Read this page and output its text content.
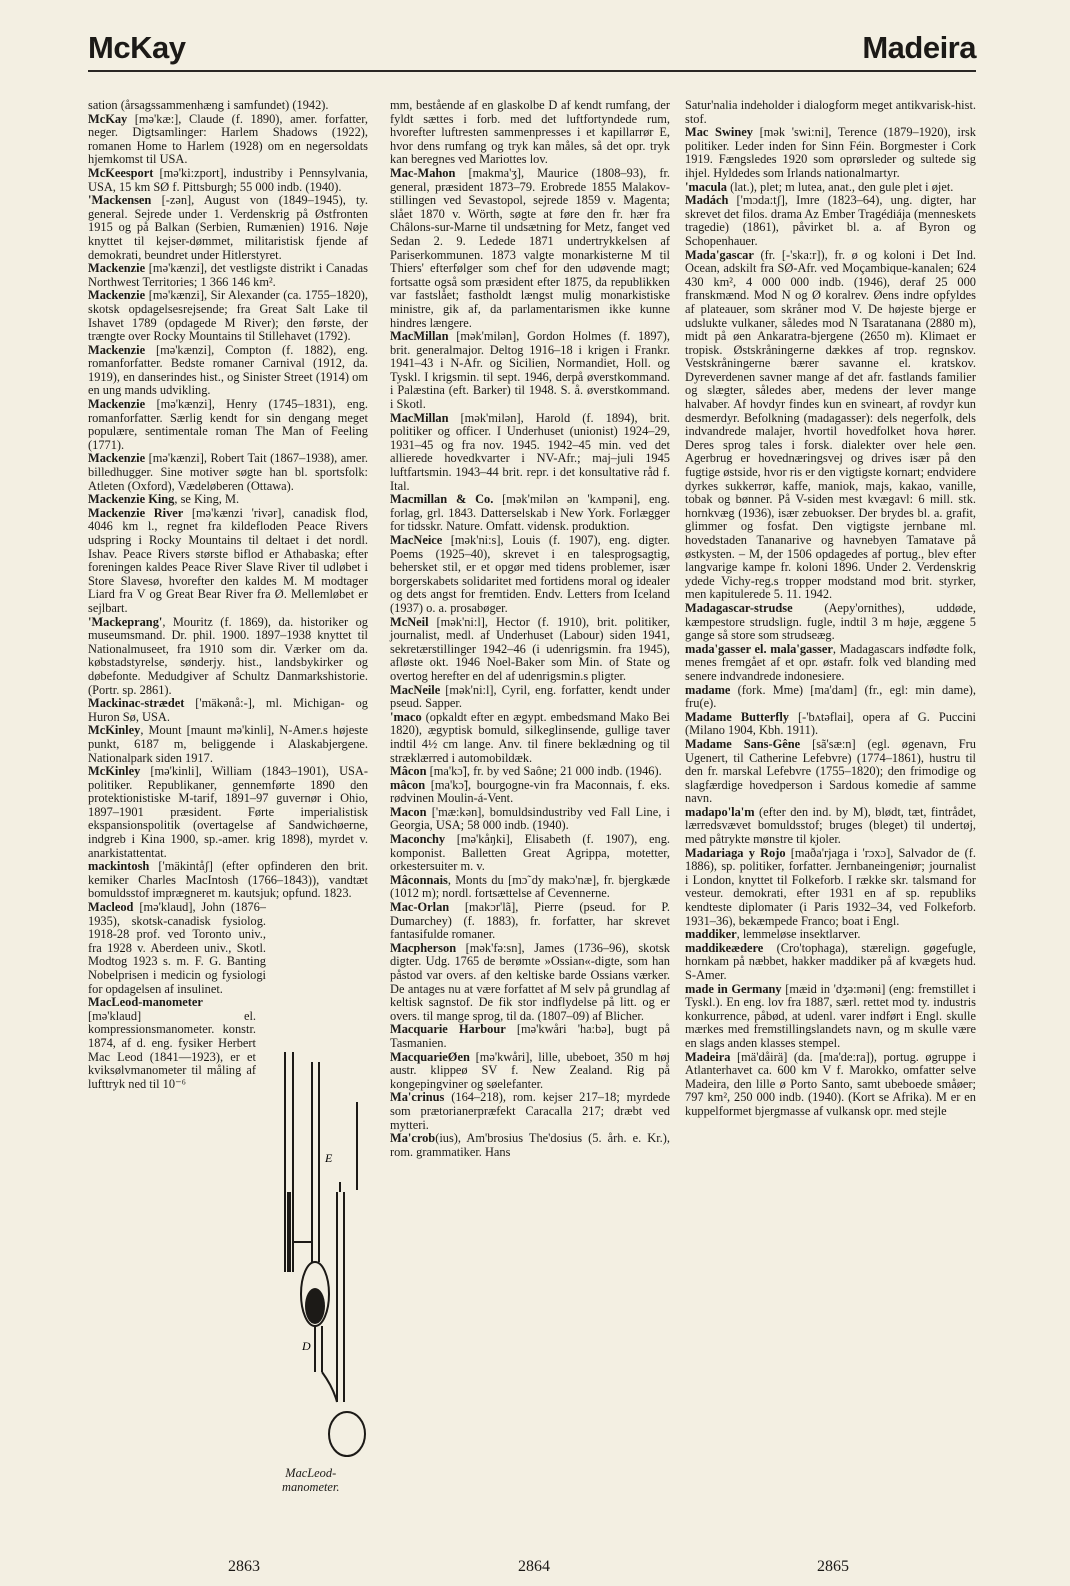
McKay	Madeira

sation (årsagssammenhæng i samfundet) (1942).

McKay [mə'kæ:], Claude (f. 1890), amer. forfatter, neger. Digtsamlinger: Harlem Shadows (1922), romanen Home to Harlem (1928) om en negersoldats hjemkomst til USA.

McKeesport [mə'ki:zport], industriby i Pennsylvania, USA, 15 km SØ f. Pittsburgh; 55 000 indb. (1940).

'Mackensen [-zən], August von (1849–1945), ty. general. Sejrede under 1. Verdenskrig på Østfronten 1915 og på Balkan (Serbien, Rumænien) 1916. Nøje knyttet til kejser-dømmet, militaristisk fjende af demokrati, beundret under Hitlerstyret.

Mackenzie [mə'kænzi], det vestligste distrikt i Canadas Northwest Territories; 1 366 146 km².

Mackenzie [mə'kænzi], Sir Alexander (ca. 1755–1820), skotsk opdagelsesrejsende; fra Great Salt Lake til Ishavet 1789 (opdagede M River); den første, der trængte over Rocky Mountains til Stillehavet (1792).

Mackenzie [mə'kænzi], Compton (f. 1882), eng. romanforfatter. Bedste romaner Carnival (1912, da. 1919), en danserindes hist., og Sinister Street (1914) om en ung mands udvikling.

Mackenzie [mə'kænzi], Henry (1745–1831), eng. romanforfatter. Særlig kendt for sin dengang meget populære, sentimentale roman The Man of Feeling (1771).

Mackenzie [mə'kænzi], Robert Tait (1867–1938), amer. billedhugger. Sine motiver søgte han bl. sportsfolk: Atleten (Oxford), Vædeløberen (Ottawa).

Mackenzie King, se King, M.

Mackenzie River [mə'kænzi 'rivər], canadisk flod, 4046 km l., regnet fra kildefloden Peace Rivers udspring i Rocky Mountains til deltaet i det nordl. Ishav. Peace Rivers største biflod er Athabaska; efter foreningen kaldes Peace River Slave River til udløbet i Store Slavesø, hvorefter den kaldes M. M modtager Liard fra V og Great Bear River fra Ø. Mellemløbet er sejlbart.

'Mackeprang', Mouritz (f. 1869), da. historiker og museumsmand. Dr. phil. 1900. 1897–1938 knyttet til Nationalmuseet, fra 1910 som dir. Værker om da. købstadstyrelse, sønderjy. hist., landsbykirker og døbefonte. Medudgiver af Schultz Danmarkshistorie. (Portr. sp. 2861).

Mackinac-strædet ['mäkənå:-], ml. Michigan- og Huron Sø, USA.

McKinley, Mount [maunt mə'kinli], N-Amer.s højeste punkt, 6187 m, beliggende i Alaskabjergene. Nationalpark siden 1917.

McKinley [mə'kinli], William (1843–1901), USA-politiker. Republikaner, gennemførte 1890 den protektionistiske M-tarif, 1891–97 guvernør i Ohio, 1897–1901 præsident. Førte imperialistisk ekspansionspolitik (overtagelse af Sandwichøerne, indgreb i Kina 1900, sp.-amer. krig 1898), myrdet v. anarkistattentat.

mackintosh ['mäkintåʃ] (efter opfinderen den brit. kemiker Charles MacIntosh (1766–1843)), vandtæt bomuldsstof imprægneret m. kautsjuk; opfund. 1823.

Macleod [mə'klaud], John (1876–1935), skotsk-canadisk fysiolog. 1918-28 prof. ved Toronto univ., fra 1928 v. Aberdeen univ., Skotl. Modtog 1923 s. m. F. G. Banting Nobelprisen i medicin og fysiologi for opdagelsen af insulinet.

MacLeod-manometer [mə'klaud] el. kompressionsmanometer. konstr. 1874, af d. eng. fysiker Herbert Mac Leod (1841—1923), er et kviksølvmanometer til måling af lufttryk ned til 10⁻⁶

mm, bestående af en glaskolbe D af kendt rumfang, der fyldt sættes i forb. med det luftfortyndede rum, hvorefter luftresten sammenpresses i et kapillarrør E, hvor dens rumfang og tryk kan måles, så det opr. tryk kan beregnes ved Mariottes lov.

Mac-Mahon [makma'ʒ], Maurice (1808–93), fr. general, præsident 1873–79. Erobrede 1855 Malakov-stillingen ved Sevastopol, sejrede 1859 v. Magenta; slået 1870 v. Wörth, søgte at føre den fr. hær fra Châlons-sur-Marne til undsætning for Metz, fanget ved Sedan 2. 9. Ledede 1871 undertrykkelsen af Pariserkommunen. 1873 valgte monarkisterne M til Thiers' efterfølger som chef for den udøvende magt; fortsatte også som præsident efter 1875, da republikken var fastslået; fastholdt længst mulig monarkistiske ministre, gik af, da parlamentarismen ikke kunne hindres længere.

MacMillan [mək'milən], Gordon Holmes (f. 1897), brit. generalmajor. Deltog 1916–18 i krigen i Frankr. 1941–43 i N-Afr. og Sicilien, Normandiet, Holl. og Tyskl. I krigsmin. til sept. 1946, derpå øverstkommand. i Palæstina (eft. Barker) til 1948. S. å. øverstkommand. i Skotl.

MacMillan [mək'milən], Harold (f. 1894), brit. politiker og officer. I Underhuset (unionist) 1924–29, 1931–45 og fra nov. 1945. 1942–45 min. ved det allierede hovedkvarter i NV-Afr.; maj–juli 1945 luftfartsmin. 1943–44 brit. repr. i det konsultative råd f. Ital.

Macmillan & Co. [mək'milən ən 'kʌmpəni], eng. forlag, grl. 1843. Datterselskab i New York. Forlægger for tidsskr. Nature. Omfatt. vidensk. produktion.

MacNeice [mək'ni:s], Louis (f. 1907), eng. digter. Poems (1925–40), skrevet i en talesprogsagtig, behersket stil, er et opgør med tidens problemer, især borgerskabets solidaritet med fortidens moral og idealer og dets angst for fremtiden. Endv. Letters from Iceland (1937) o. a. prosabøger.

McNeil [mək'ni:l], Hector (f. 1910), brit. politiker, journalist, medl. af Underhuset (Labour) siden 1941, sekretærstillinger 1942–46 (i udenrigsmin. fra 1945), afløste okt. 1946 Noel-Baker som Min. of State og overtog herefter en del af udenrigsmin.s pligter.

MacNeile [mək'ni:l], Cyril, eng. forfatter, kendt under pseud. Sapper.

'maco (opkaldt efter en ægypt. embedsmand Mako Bei 1820), ægyptisk bomuld, silkeglinsende, gullige taver indtil 4½ cm lange. Anv. til finere beklædning og til stræklærred i automobildæk.

Mâcon [ma'kɔ̃], fr. by ved Saône; 21 000 indb. (1946).

mâcon [ma'kɔ̃], bourgogne-vin fra Maconnais, f. eks. rødvinen Moulin-á-Vent.

Macon ['mæ:kən], bomuldsindustriby ved Fall Line, i Georgia, USA; 58 000 indb. (1940).

Maconchy [mə'kåŋki], Elisabeth (f. 1907), eng. komponist. Balletten Great Agrippa, motetter, orkestersuiter m. v.

Mâconnais, Monts du [mɔ̃ dy makɔ'næ], fr. bjergkæde (1012 m); nordl. fortsættelse af Cevennerne.

Mac-Orlan [makɔr'lã], Pierre (pseud. for P. Dumarchey) (f. 1883), fr. forfatter, har skrevet fantasifulde romaner.

Macpherson [mək'fə:sn], James (1736–96), skotsk digter. Udg. 1765 de berømte »Ossian«-digte, som han påstod var overs. af den keltiske barde Ossians værker. De antages nu at være forfattet af M selv på grundlag af keltisk sagnstof. De fik stor indflydelse på litt. og er overs. til mange sprog, til da. (1807–09) af Blicher.

Macquarie Harbour [mə'kwåri 'ha:bə], bugt på Tasmanien.

MacquarieØen [mə'kwåri], lille, ubeboet, 350 m høj austr. klippeø SV f. New Zealand. Rig på kongepingviner og søelefanter.

Ma'crinus (164–218), rom. kejser 217–18; myrdede som prætorianerpræfekt Caracalla 217; dræbt ved mytteri.

Ma'crob(ius), Am'brosius The'dosius (5. årh. e. Kr.), rom. grammatiker. Hans

Satur'nalia indeholder i dialogform meget antikvarisk-hist. stof.

Mac Swiney [mək 'swi:ni], Terence (1879–1920), irsk politiker. Leder inden for Sinn Féin. Borgmester i Cork 1919. Fængsledes 1920 som oprørsleder og sultede sig ihjel. Hyldedes som Irlands nationalmartyr.

'macula (lat.), plet; m lutea, anat., den gule plet i øjet.

Madách ['mɔda:tʃ], Imre (1823–64), ung. digter, har skrevet det filos. drama Az Ember Tragédiája (menneskets tragedie) (1861), påvirket bl. a. af Byron og Schopenhauer.

Mada'gascar (fr. [-'ska:r]), fr. ø og koloni i Det Ind. Ocean, adskilt fra SØ-Afr. ved Moçambique-kanalen; 624 430 km², 4 000 000 indb. (1946), deraf 25 000 franskmænd. Mod N og Ø koralrev. Øens indre opfyldes af plateauer, som skråner mod V. De højeste bjerge er udslukte vulkaner, således mod N Tsaratanana (2880 m), midt på øen Ankaratra-bjergene (2650 m). Klimaet er tropisk. Østskråningerne dækkes af trop. regnskov. Vestskråningerne bærer savanne el. kratskov. Dyreverdenen savner mange af det afr. fastlands familier og slægter, således aber, medens der lever mange halvaber. Af hovdyr findes kun en svineart, af rovdyr kun desmerdyr. Befolkning (madagasser): dels negerfolk, dels indvandrede malajer, hvortil hovedfolket hova hører. Deres sprog tales i forsk. dialekter over hele øen. Agerbrug er hovednæringsvej og drives især på den fugtige østside, hvor ris er den vigtigste kornart; endvidere dyrkes sukkerrør, kaffe, maniok, majs, kakao, vanille, tobak og bønner. På V-siden mest kvægavl: 6 mill. stk. hornkvæg (1936), især zebuokser. Der brydes bl. a. grafit, glimmer og fosfat. Den vigtigste jernbane ml. hovedstaden Tananarive og havnebyen Tamatave på østkysten. – M, der 1506 opdagedes af portug., blev efter langvarige kampe fr. koloni 1896. Under 2. Verdenskrig ydede Vichy-reg.s tropper modstand mod brit. styrker, men kapitulerede 5. 11. 1942.

Madagascar-strudse (Aepy'ornithes), uddøde, kæmpestore strudslign. fugle, indtil 3 m høje, æggene 5 gange så store som strudseæg.

mada'gasser el. mala'gasser, Madagascars indfødte folk, menes fremgået af et opr. østafr. folk ved blanding med senere indvandrede indonesiere.

madame (fork. Mme) [ma'dam] (fr., egl: min dame), fru(e).

Madame Butterfly [-'bʌtəflai], opera af G. Puccini (Milano 1904, Kbh. 1911).

Madame Sans-Gêne [sã'sæ:n] (egl. øgenavn, Fru Ugenert, til Catherine Lefebvre) (1774–1861), hustru til den fr. marskal Lefebvre (1755–1820); den frimodige og slagfærdige hovedperson i Sardous komedie af samme navn.

madapo'la'm (efter den ind. by M), blødt, tæt, fintrådet, lærredsvævet bomuldsstof; bruges (bleget) til undertøj, med påtrykte mønstre til kjoler.

Madariaga y Rojo [maða'rjaga i 'rɔxɔ], Salvador de (f. 1886), sp. politiker, forfatter. Jernbaneingeniør; journalist i London, knyttet til Folkeforb. I række skr. talsmand for vesteur. demokrati, efter 1931 en af sp. republiks kendteste diplomater (i Paris 1932–34, ved Folkeforb. 1931–36), bekæmpede Franco; boat i Engl.

maddiker, lemmeløse insektlarver.

maddikeædere (Cro'tophaga), stærelign. gøgefugle, hornkam på næbbet, hakker maddiker på af kvægets hud. S-Amer.

made in Germany [mæid in 'dʒə:məni] (eng: fremstillet i Tyskl.). En eng. lov fra 1887, særl. rettet mod ty. industris konkurrence, påbød, at udenl. varer indført i Engl. skulle mærkes med fremstillingslandets navn, og m skulle være en slags anden klasses stempel.

Madeira [mä'dåirä] (da. [ma'de:ra]), portug. øgruppe i Atlanterhavet ca. 600 km V f. Marokko, omfatter selve Madeira, den lille ø Porto Santo, samt ubeboede småøer; 797 km², 250 000 indb. (1940). (Kort se Afrika). M er en kuppelformet bjergmasse af vulkansk opr. med stejle

E
D
MacLeod-
manometer.
2863	2864	2865
